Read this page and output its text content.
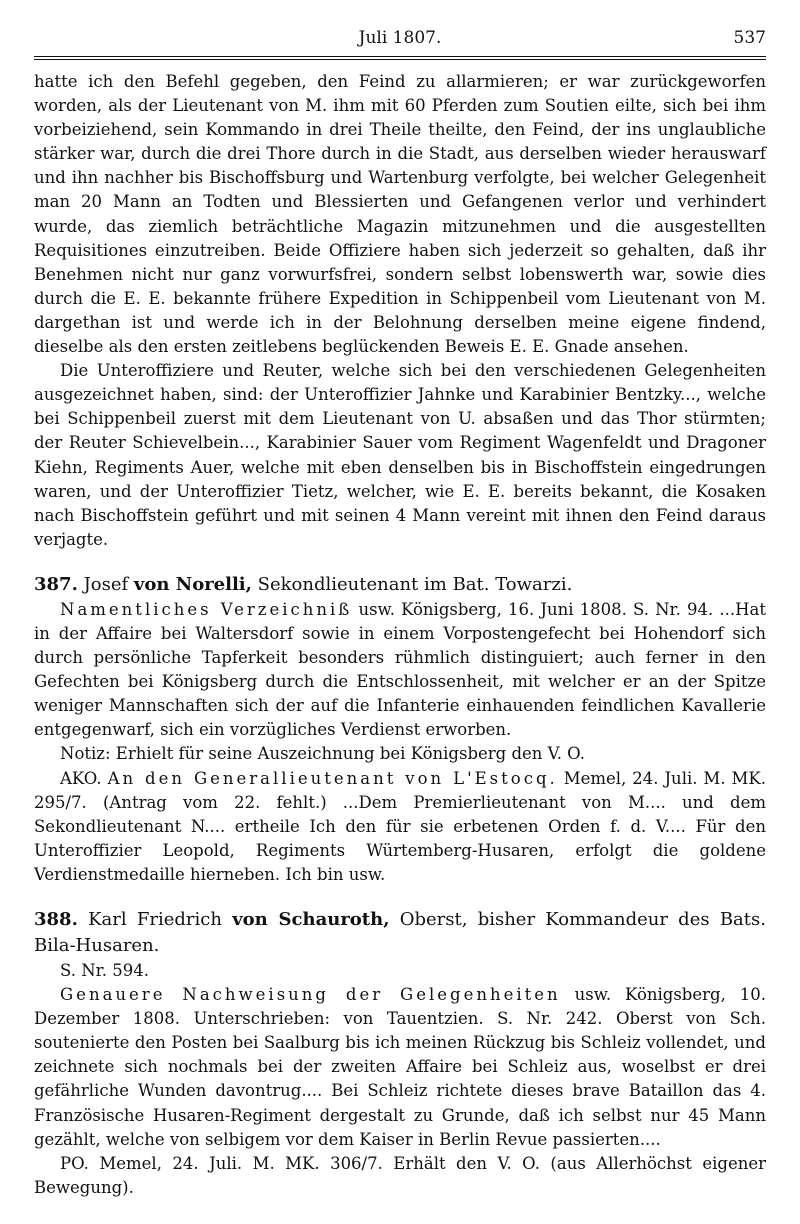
Juli 1807.	537

hatte ich den Befehl gegeben, den Feind zu allarmieren; er war zurückgeworfen worden, als der Lieutenant von M. ihm mit 60 Pferden zum Soutien eilte, sich bei ihm vorbeiziehend, sein Kommando in drei Theile theilte, den Feind, der ins unglaubliche stärker war, durch die drei Thore durch in die Stadt, aus derselben wieder herauswarf und ihn nachher bis Bischoffsburg und Wartenburg verfolgte, bei welcher Gelegenheit man 20 Mann an Todten und Blessierten und Gefangenen verlor und verhindert wurde, das ziemlich beträchtliche Magazin mitzunehmen und die ausgestellten Requisitiones einzutreiben. Beide Offiziere haben sich jederzeit so gehalten, daß ihr Benehmen nicht nur ganz vorwurfsfrei, sondern selbst lobenswerth war, sowie dies durch die E. E. bekannte frühere Expedition in Schippenbeil vom Lieutenant von M. dargethan ist und werde ich in der Belohnung derselben meine eigene findend, dieselbe als den ersten zeitlebens beglückenden Beweis E. E. Gnade ansehen.

Die Unteroffiziere und Reuter, welche sich bei den verschiedenen Gelegenheiten ausgezeichnet haben, sind: der Unteroffizier Jahnke und Karabinier Bentzky..., welche bei Schippenbeil zuerst mit dem Lieutenant von U. absaßen und das Thor stürmten; der Reuter Schievelbein..., Karabinier Sauer vom Regiment Wagenfeldt und Dragoner Kiehn, Regiments Auer, welche mit eben denselben bis in Bischoffstein eingedrungen waren, und der Unteroffizier Tietz, welcher, wie E. E. bereits bekannt, die Kosaken nach Bischoffstein geführt und mit seinen 4 Mann vereint mit ihnen den Feind daraus verjagte.

387. Josef von Norelli, Sekondlieutenant im Bat. Towarzi.

Namentliches Verzeichniß usw. Königsberg, 16. Juni 1808. S. Nr. 94. ...Hat in der Affaire bei Waltersdorf sowie in einem Vorpostengefecht bei Hohendorf sich durch persönliche Tapferkeit besonders rühmlich distinguiert; auch ferner in den Gefechten bei Königsberg durch die Entschlossenheit, mit welcher er an der Spitze weniger Mannschaften sich der auf die Infanterie einhauenden feindlichen Kavallerie entgegenwarf, sich ein vorzügliches Verdienst erworben.

Notiz: Erhielt für seine Auszeichnung bei Königsberg den V. O.

AKO. An den Generallieutenant von L'Estocq. Memel, 24. Juli. M. MK. 295/7. (Antrag vom 22. fehlt.) ...Dem Premierlieutenant von M.... und dem Sekondlieutenant N.... ertheile Ich den für sie erbetenen Orden f. d. V.... Für den Unteroffizier Leopold, Regiments Würtemberg-Husaren, erfolgt die goldene Verdienstmedaille hierneben. Ich bin usw.

388. Karl Friedrich von Schauroth, Oberst, bisher Kommandeur des Bats. Bila-Husaren.

S. Nr. 594.

Genauere Nachweisung der Gelegenheiten usw. Königsberg, 10. Dezember 1808. Unterschrieben: von Tauentzien. S. Nr. 242. Oberst von Sch. soutenierte den Posten bei Saalburg bis ich meinen Rückzug bis Schleiz vollendet, und zeichnete sich nochmals bei der zweiten Affaire bei Schleiz aus, woselbst er drei gefährliche Wunden davontrug.... Bei Schleiz richtete dieses brave Bataillon das 4. Französische Husaren-Regiment dergestalt zu Grunde, daß ich selbst nur 45 Mann gezählt, welche von selbigem vor dem Kaiser in Berlin Revue passierten....

PO. Memel, 24. Juli. M. MK. 306/7. Erhält den V. O. (aus Allerhöchst eigener Bewegung).
